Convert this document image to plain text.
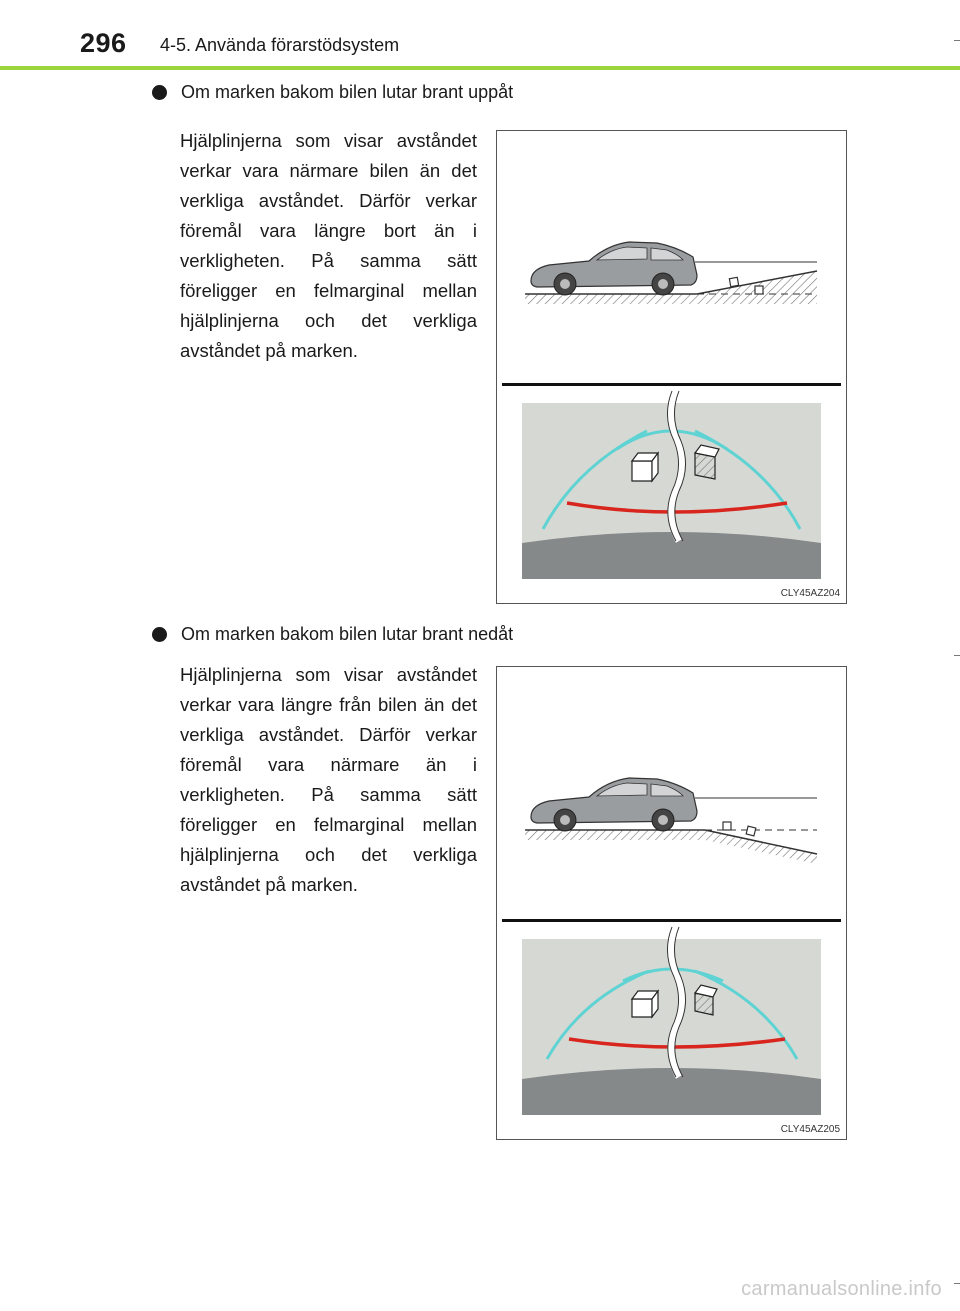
296 4-5. Använda förarstödsystem
Om marken bakom bilen lutar brant uppåt
Hjälplinjerna som visar avståndet verkar vara närmare bilen än det verkliga avståndet. Därför verkar föremål vara längre bort än i verkligheten. På samma sätt föreligger en felmarginal mellan hjälplinjerna och det verkliga avståndet på marken.
CLY45AZ204
Om marken bakom bilen lutar brant nedåt
Hjälplinjerna som visar avståndet verkar vara längre från bilen än det verkliga avståndet. Därför verkar föremål vara närmare än i verkligheten. På samma sätt föreligger en felmarginal mellan hjälplinjerna och det verkliga avståndet på marken.
CLY45AZ205
carmanualsonline.info
